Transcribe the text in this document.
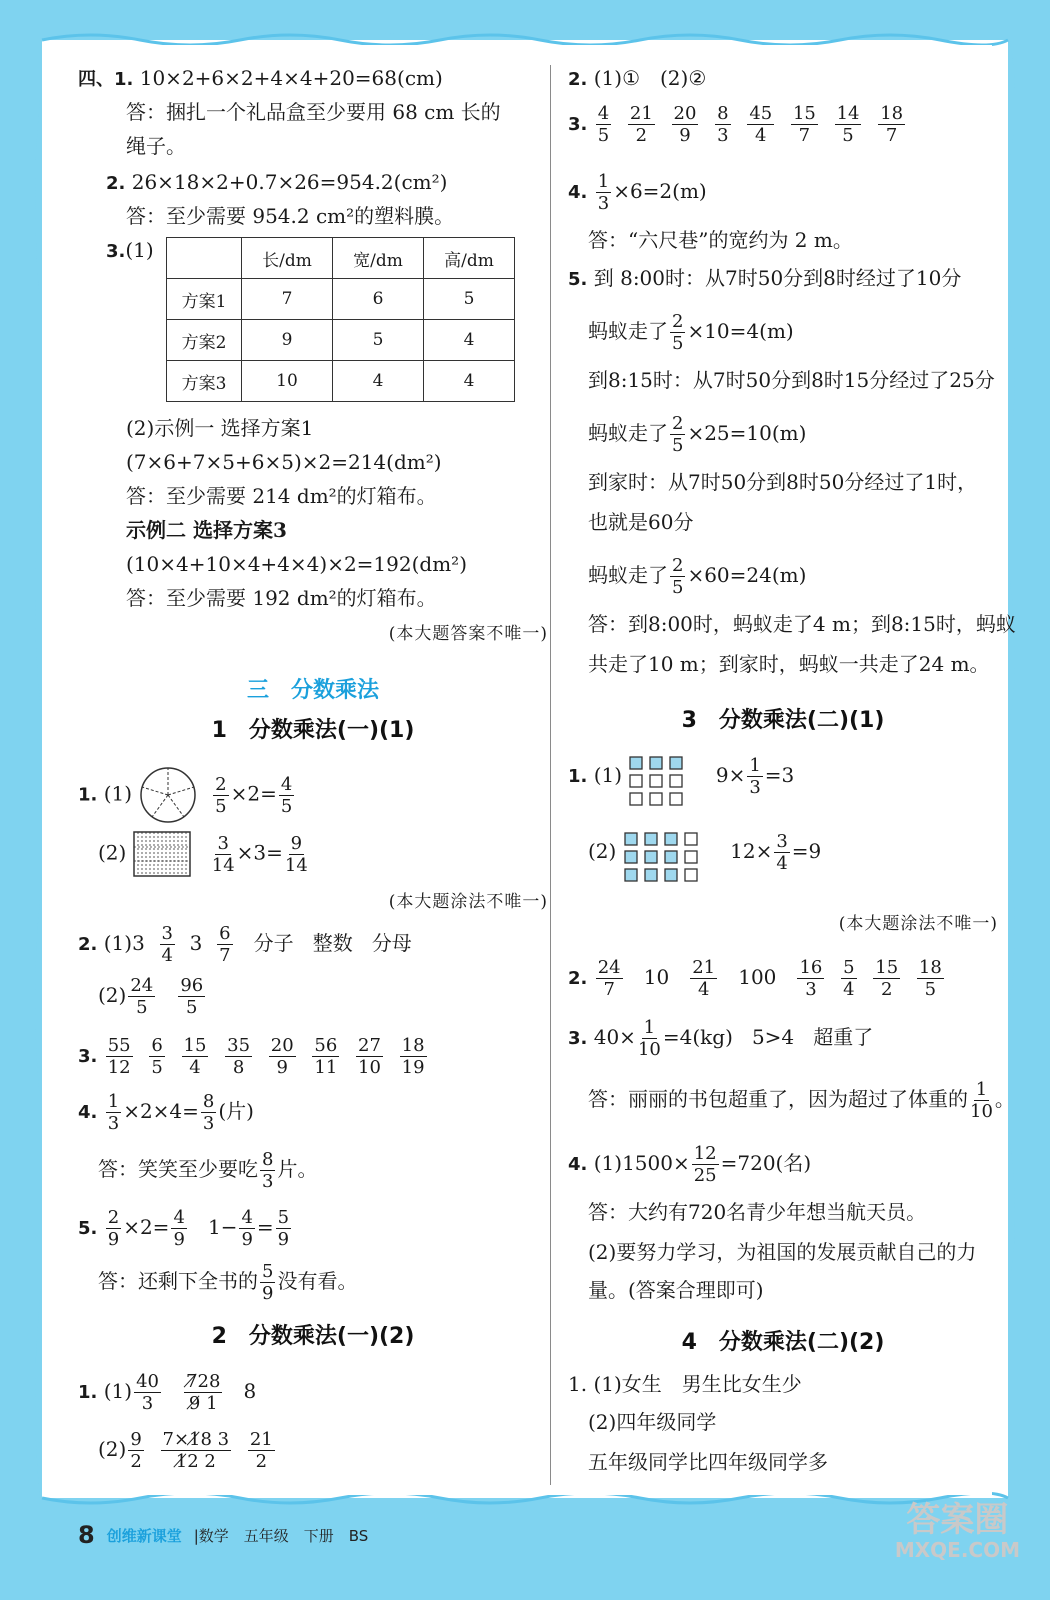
四、1. 10×2+6×2+4×4+20=68(cm)
答：捆扎一个礼品盒至少要用 68 cm 长的
绳子。
2. 26×18×2+0.7×26=954.2(cm²)
答：至少需要 954.2 cm²的塑料膜。
3.(1)
		长/dm	宽/dm	高/dm
方案1	7	6	5
方案2	9	5	4
方案3	10	4	4
(2)示例一 选择方案1
(7×6+7×5+6×5)×2=214(dm²)
答：至少需要 214 dm²的灯箱布。
示例二 选择方案3
(10×4+10×4+4×4)×2=192(dm²)
答：至少需要 192 dm²的灯箱布。
(本大题答案不唯一)
三　分数乘法
1　分数乘法(一)(1)
1. (1)	$\frac{2}{5} \times 2= \frac{4}{5}$
(2)	$\frac{3}{14} \times 3= \frac{9}{14}$
(本大题涂法不唯一)
2. $(1)3 \frac{3}{4} 3 \frac{6}{7}$ 分子 整数 分母
$(2) \frac{24}{5}$
$\frac{96}{5}$
3. $\frac{55}{12}$
$\frac{6}{5}$
$\frac{15}{4}$
$\frac{35}{8}$
$\frac{20}{9}$
$\frac{56}{11}$
$\frac{27}{10}$
$\frac{18}{19}$
4. $\frac{1}{3} \times 2\times 4= \frac{8}{3}$ (片)
答：笑笑至少要吃 $\frac{8}{3}$ 片。
5. $\frac{2}{9} \times 2= \frac{4}{9} 1- \frac{4}{9} = \frac{5}{9}$
答：还剩下全书的 $\frac{5}{9}$ 没有看。
2　分数乘法(一)(2)
1. $(1) \frac{40}{3}$
$\frac{7̸28}{9̸ 1} 8$
$(2) \frac{9}{2}$
$\frac{7\times 1̸8 3}{1̸2 2}$
$\frac{21}{2}$
2. (1)①　(2)②
3. $\frac{4}{5}$
$\frac{21}{2}$
$\frac{20}{9}$
$\frac{8}{3}$
$\frac{45}{4}$
$\frac{15}{7}$
$\frac{14}{5}$
$\frac{18}{7}$
4. $\frac{1}{3} \times 6=2(m)$
答：“六尺巷”的宽约为 2 m。
5. 到 8:00时：从7时50分到8时经过了10分
蚂蚁走了 $\frac{2}{5} \times 10=4(m)$
到8:15时：从7时50分到8时15分经过了25分
蚂蚁走了 $\frac{2}{5} \times 25=10(m)$
到家时：从7时50分到8时50分经过了1时，
也就是60分
蚂蚁走了 $\frac{2}{5} \times 60=24(m)$
答：到8:00时，蚂蚁走了4 m；到8:15时，蚂蚁
共走了10 m；到家时，蚂蚁一共走了24 m。
3　分数乘法(二)(1)
1. (1)	$9\times \frac{1}{3} =3$
(2)	$12\times \frac{3}{4} =9$
(本大题涂法不唯一)
2. $\frac{24}{7} 10 \frac{21}{4} 100 \frac{16}{3}$
$\frac{5}{4}$
$\frac{15}{2}$
$\frac{18}{5}$
3. $40\times \frac{1}{10} =4(kg)$   5>4   超重了
答：丽丽的书包超重了，因为超过了体重的 $\frac{1}{10}$ 。
4. $(1)1500\times \frac{12}{25} =720$(名)
答：大约有720名青少年想当航天员。
(2)要努力学习，为祖国的发展贡献自己的力
量。(答案合理即可)
4　分数乘法(二)(2)
1. (1)女生　男生比女生少
(2)四年级同学
五年级同学比四年级同学多
8 创维新课堂 |数学　五年级　下册　BS	答案圈
MXQE.COM
